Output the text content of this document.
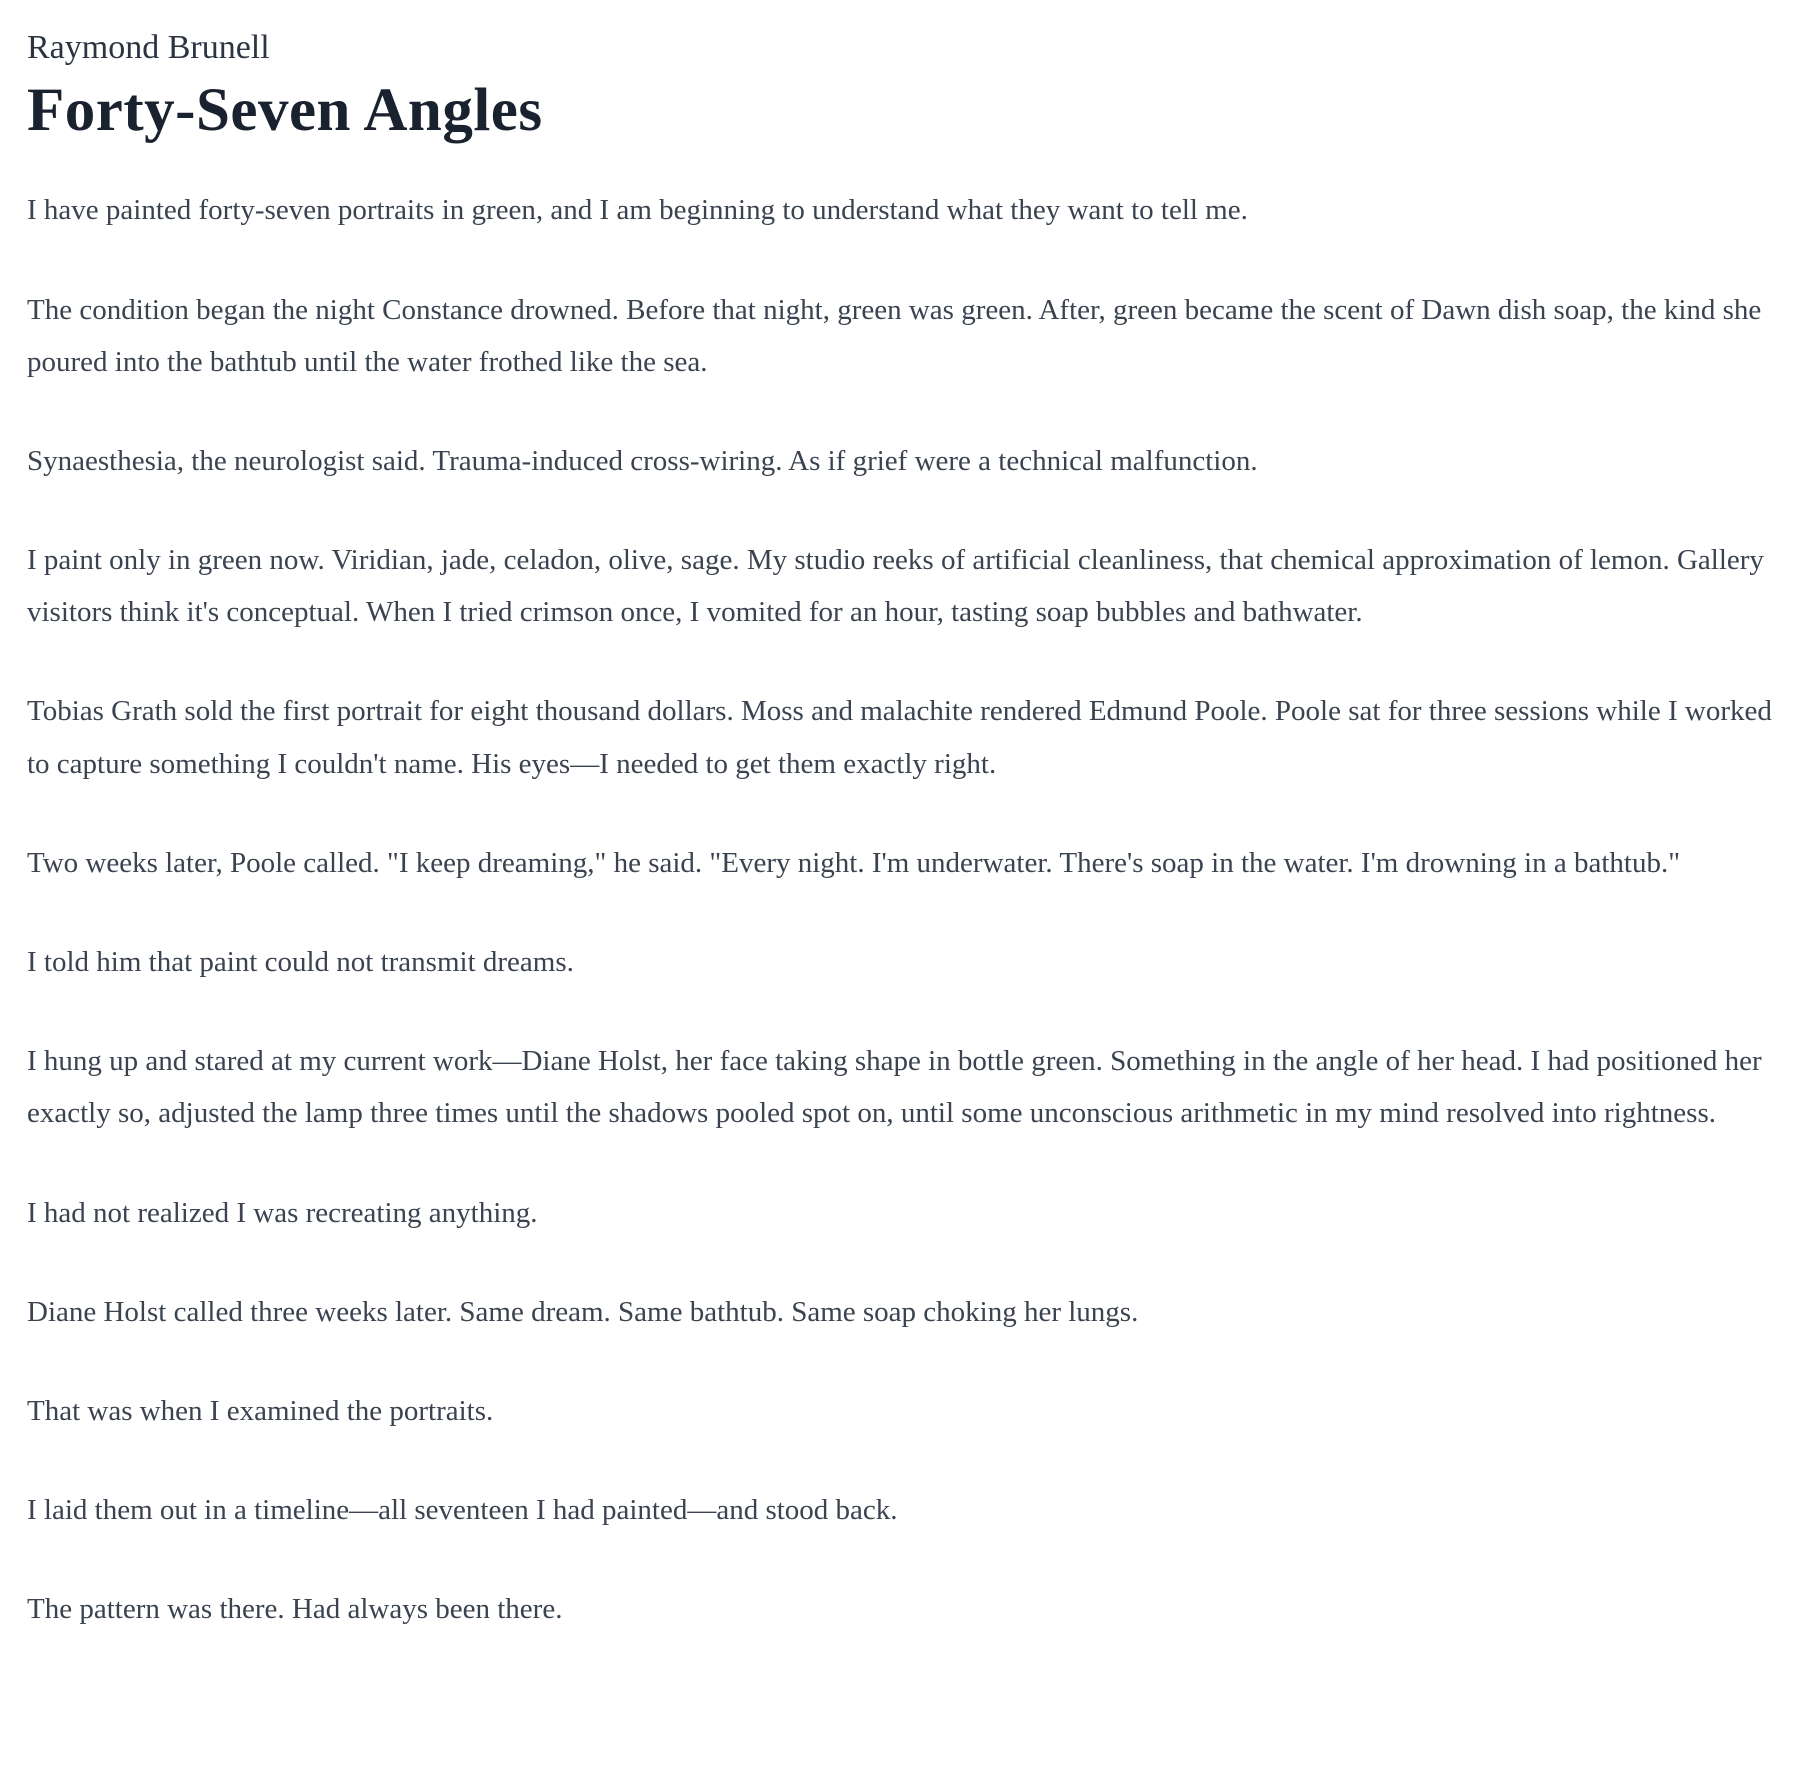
Raymond Brunell
Forty-Seven Angles

I have painted forty-seven portraits in green, and I am beginning to understand what they want to tell me.

The condition began the night Constance drowned. Before that night, green was green. After, green became the scent of Dawn dish soap, the kind she poured into the bathtub until the water frothed like the sea.

Synaesthesia, the neurologist said. Trauma-induced cross-wiring. As if grief were a technical malfunction.

I paint only in green now. Viridian, jade, celadon, olive, sage. My studio reeks of artificial cleanliness, that chemical approximation of lemon. Gallery visitors think it's conceptual. When I tried crimson once, I vomited for an hour, tasting soap bubbles and bathwater.

Tobias Grath sold the first portrait for eight thousand dollars. Moss and malachite rendered Edmund Poole. Poole sat for three sessions while I worked to capture something I couldn't name. His eyes—I needed to get them exactly right.

Two weeks later, Poole called. "I keep dreaming," he said. "Every night. I'm underwater. There's soap in the water. I'm drowning in a bathtub."

I told him that paint could not transmit dreams.

I hung up and stared at my current work—Diane Holst, her face taking shape in bottle green. Something in the angle of her head. I had positioned her exactly so, adjusted the lamp three times until the shadows pooled spot on, until some unconscious arithmetic in my mind resolved into rightness.

I had not realized I was recreating anything.

Diane Holst called three weeks later. Same dream. Same bathtub. Same soap choking her lungs.

That was when I examined the portraits.

I laid them out in a timeline—all seventeen I had painted—and stood back.

The pattern was there. Had always been there.
